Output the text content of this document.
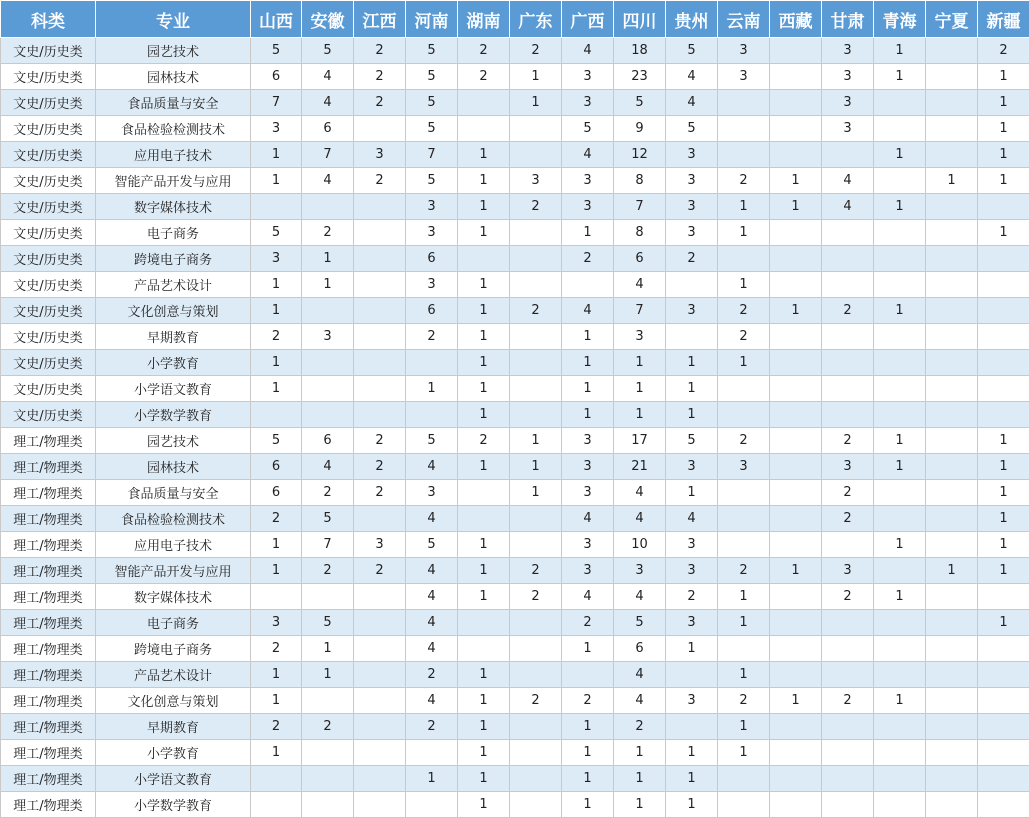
科类	专业	山西	安徽	江西	河南	湖南	广东	广西	四川	贵州	云南	西藏	甘肃	青海	宁夏	新疆
文史/历史类	园艺技术	5	5	2	5	2	2	4	18	5	3		3	1		2
文史/历史类	园林技术	6	4	2	5	2	1	3	23	4	3		3	1		1
文史/历史类	食品质量与安全	7	4	2	5		1	3	5	4			3			1
文史/历史类	食品检验检测技术	3	6		5			5	9	5			3			1
文史/历史类	应用电子技术	1	7	3	7	1		4	12	3				1		1
文史/历史类	智能产品开发与应用	1	4	2	5	1	3	3	8	3	2	1	4		1	1
文史/历史类	数字媒体技术				3	1	2	3	7	3	1	1	4	1		
文史/历史类	电子商务	5	2		3	1		1	8	3	1					1
文史/历史类	跨境电子商务	3	1		6			2	6	2						
文史/历史类	产品艺术设计	1	1		3	1			4		1					
文史/历史类	文化创意与策划	1			6	1	2	4	7	3	2	1	2	1		
文史/历史类	早期教育	2	3		2	1		1	3		2					
文史/历史类	小学教育	1				1		1	1	1	1					
文史/历史类	小学语文教育	1			1	1		1	1	1						
文史/历史类	小学数学教育					1		1	1	1						
理工/物理类	园艺技术	5	6	2	5	2	1	3	17	5	2		2	1		1
理工/物理类	园林技术	6	4	2	4	1	1	3	21	3	3		3	1		1
理工/物理类	食品质量与安全	6	2	2	3		1	3	4	1			2			1
理工/物理类	食品检验检测技术	2	5		4			4	4	4			2			1
理工/物理类	应用电子技术	1	7	3	5	1		3	10	3				1		1
理工/物理类	智能产品开发与应用	1	2	2	4	1	2	3	3	3	2	1	3		1	1
理工/物理类	数字媒体技术				4	1	2	4	4	2	1		2	1		
理工/物理类	电子商务	3	5		4			2	5	3	1					1
理工/物理类	跨境电子商务	2	1		4			1	6	1						
理工/物理类	产品艺术设计	1	1		2	1			4		1					
理工/物理类	文化创意与策划	1			4	1	2	2	4	3	2	1	2	1		
理工/物理类	早期教育	2	2		2	1		1	2		1					
理工/物理类	小学教育	1				1		1	1	1	1					
理工/物理类	小学语文教育				1	1		1	1	1						
理工/物理类	小学数学教育					1		1	1	1						
